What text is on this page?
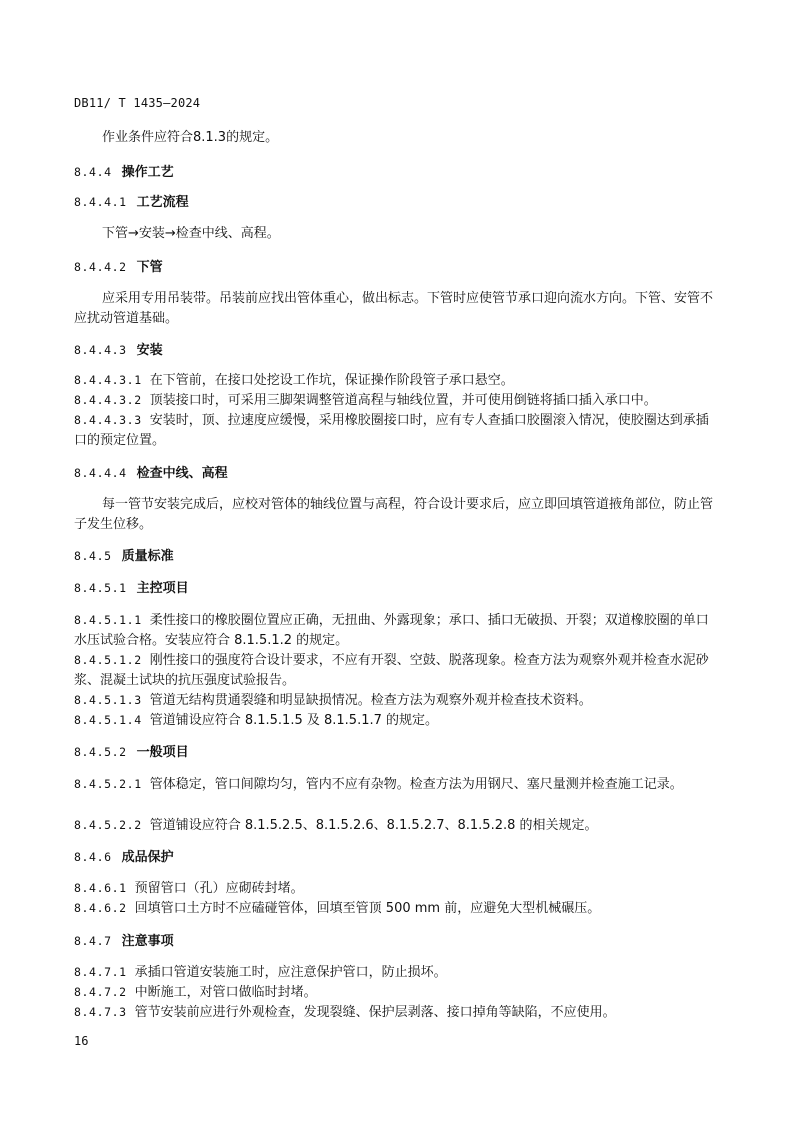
DB11/ T 1435—2024
作业条件应符合8.1.3的规定。
8.4.4 操作工艺
8.4.4.1 工艺流程
下管→安装→检查中线、高程。
8.4.4.2 下管
应采用专用吊装带。吊装前应找出管体重心，做出标志。下管时应使管节承口迎向流水方向。下管、安管不应扰动管道基础。
8.4.4.3 安装
8.4.4.3.1 在下管前，在接口处挖设工作坑，保证操作阶段管子承口悬空。
8.4.4.3.2 顶装接口时，可采用三脚架调整管道高程与轴线位置，并可使用倒链将插口插入承口中。
8.4.4.3.3 安装时，顶、拉速度应缓慢，采用橡胶圈接口时，应有专人查插口胶圈滚入情况，使胶圈达到承插口的预定位置。
8.4.4.4 检查中线、高程
每一管节安装完成后，应校对管体的轴线位置与高程，符合设计要求后，应立即回填管道掖角部位，防止管子发生位移。
8.4.5 质量标准
8.4.5.1 主控项目
8.4.5.1.1 柔性接口的橡胶圈位置应正确，无扭曲、外露现象；承口、插口无破损、开裂；双道橡胶圈的单口水压试验合格。安装应符合 8.1.5.1.2 的规定。
8.4.5.1.2 刚性接口的强度符合设计要求，不应有开裂、空鼓、脱落现象。检查方法为观察外观并检查水泥砂浆、混凝土试块的抗压强度试验报告。
8.4.5.1.3 管道无结构贯通裂缝和明显缺损情况。检查方法为观察外观并检查技术资料。
8.4.5.1.4 管道铺设应符合 8.1.5.1.5 及 8.1.5.1.7 的规定。
8.4.5.2 一般项目
8.4.5.2.1 管体稳定，管口间隙均匀，管内不应有杂物。检查方法为用钢尺、塞尺量测并检查施工记录。
8.4.5.2.2 管道铺设应符合 8.1.5.2.5、8.1.5.2.6、8.1.5.2.7、8.1.5.2.8 的相关规定。
8.4.6 成品保护
8.4.6.1 预留管口（孔）应砌砖封堵。
8.4.6.2 回填管口土方时不应磕碰管体，回填至管顶 500 mm 前，应避免大型机械碾压。
8.4.7 注意事项
8.4.7.1 承插口管道安装施工时，应注意保护管口，防止损坏。
8.4.7.2 中断施工，对管口做临时封堵。
8.4.7.3 管节安装前应进行外观检查，发现裂缝、保护层剥落、接口掉角等缺陷，不应使用。
16
